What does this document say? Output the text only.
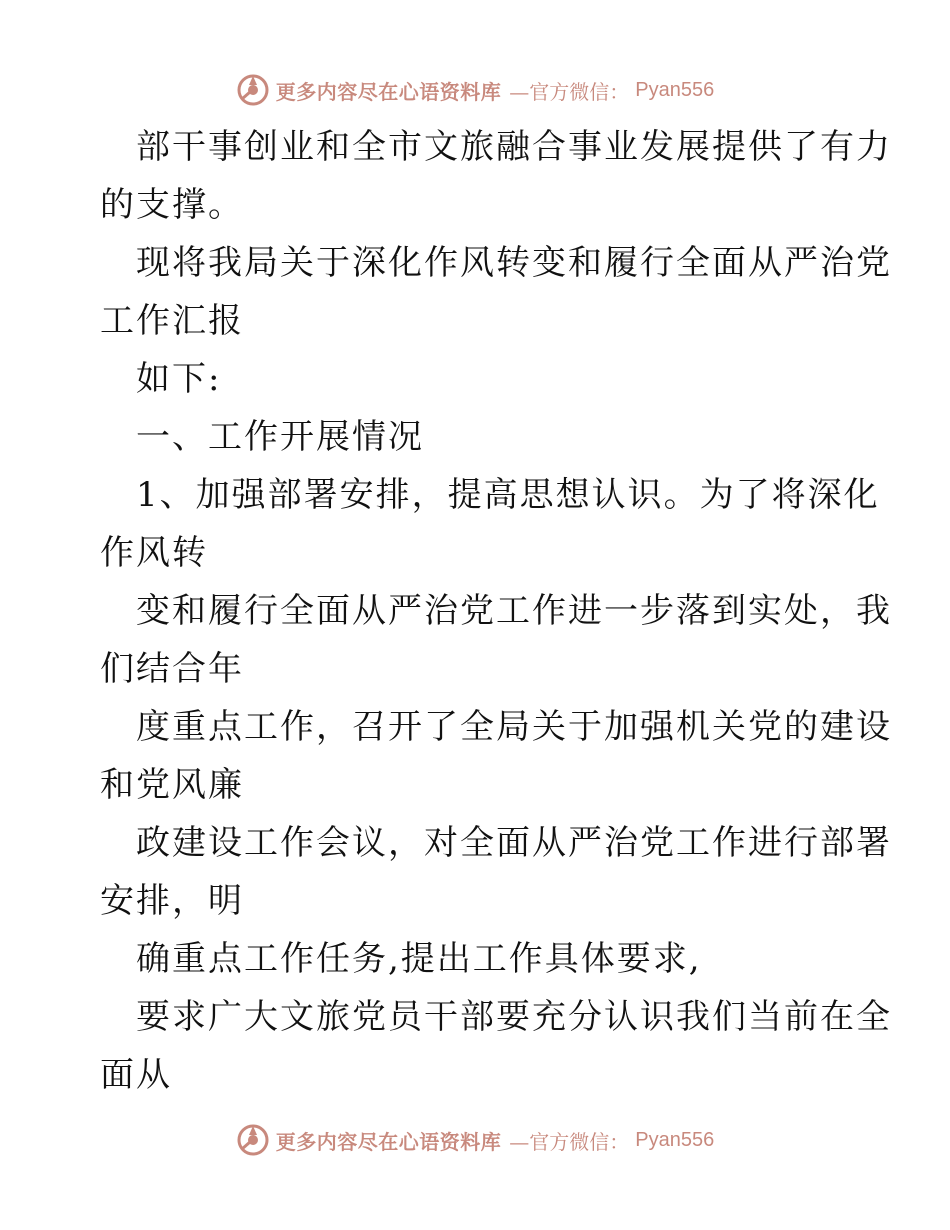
更多内容尽在心语资料库 —官方微信： Pyan556
部干事创业和全市文旅融合事业发展提供了有力
的支撑。
现将我局关于深化作风转变和履行全面从严治党
工作汇报
如下:
一、工作开展情况
1、加强部署安排，提高思想认识。为了将深化
作风转
变和履行全面从严治党工作进一步落到实处，我
们结合年
度重点工作，召开了全局关于加强机关党的建设
和党风廉
政建设工作会议，对全面从严治党工作进行部署
安排，明
确重点工作任务,提出工作具体要求,
要求广大文旅党员干部要充分认识我们当前在全
面从
更多内容尽在心语资料库 —官方微信： Pyan556
